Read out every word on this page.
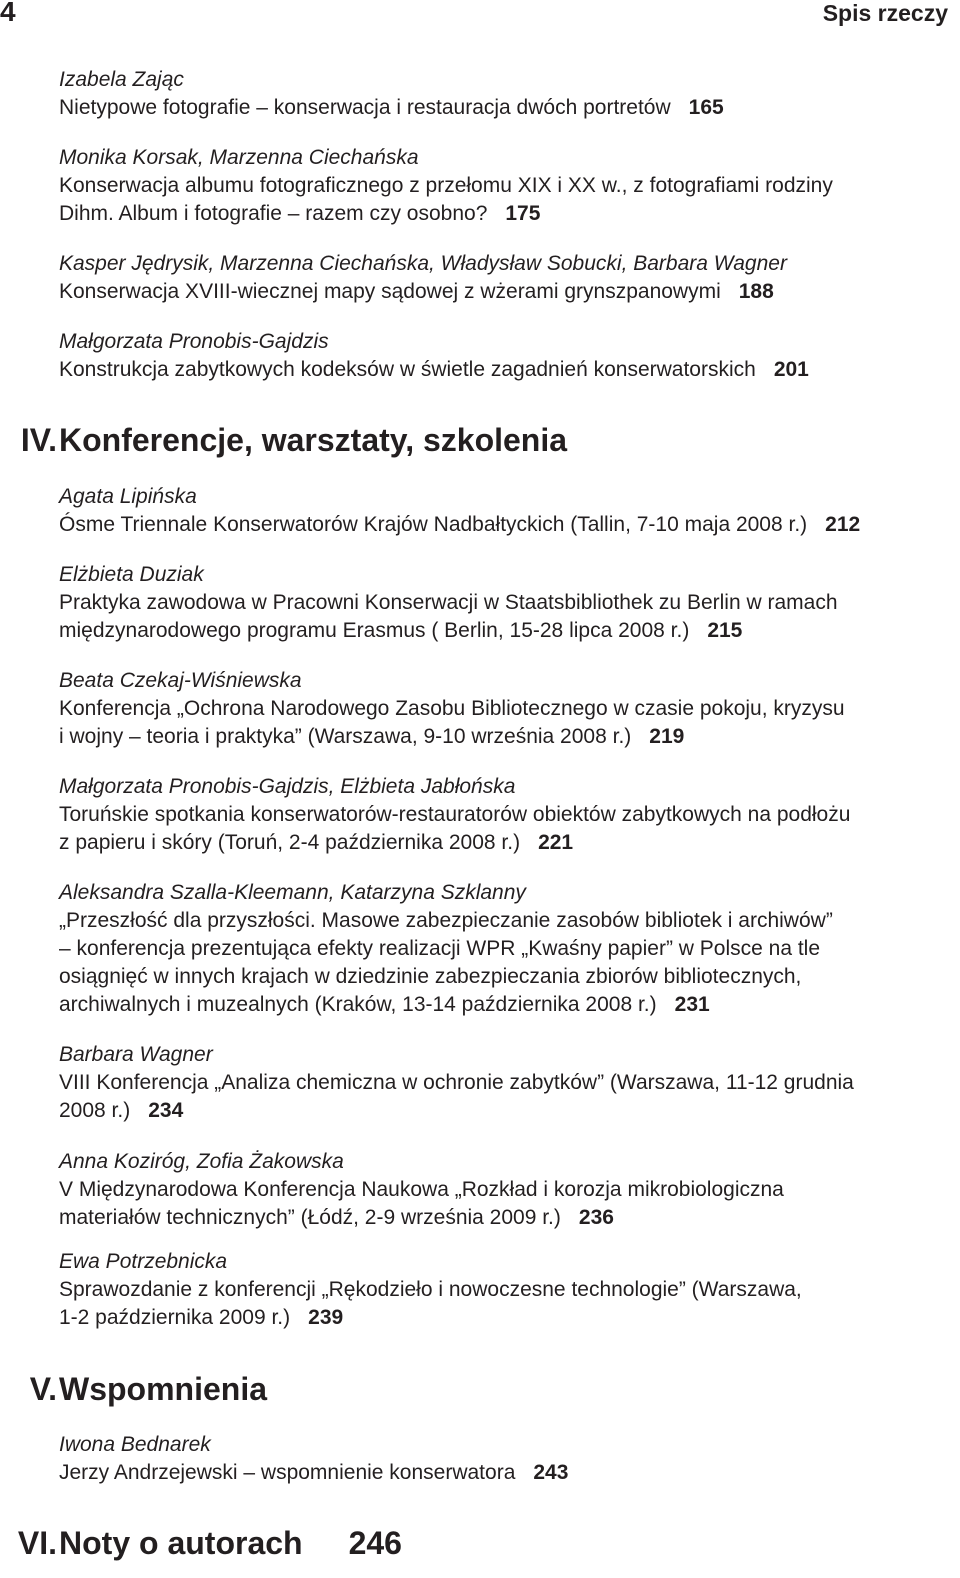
4	Spis rzeczy
Izabela Zając
Nietypowe fotografie – konserwacja i restauracja dwóch portretów 165
Monika Korsak, Marzenna Ciechańska
Konserwacja albumu fotograficznego z przełomu XIX i XX w., z fotografiami rodziny
Dihm. Album i fotografie – razem czy osobno? 175
Kasper Jędrysik, Marzenna Ciechańska, Władysław Sobucki, Barbara Wagner
Konserwacja XVIII-wiecznej mapy sądowej z wżerami grynszpanowymi 188
Małgorzata Pronobis-Gajdzis
Konstrukcja zabytkowych kodeksów w świetle zagadnień konserwatorskich 201
IV.Konferencje, warsztaty, szkolenia
Agata Lipińska
Ósme Triennale Konserwatorów Krajów Nadbałtyckich (Tallin, 7-10 maja 2008 r.) 212
Elżbieta Duziak
Praktyka zawodowa w Pracowni Konserwacji w Staatsbibliothek zu Berlin w ramach
międzynarodowego programu Erasmus ( Berlin, 15-28 lipca 2008 r.) 215
Beata Czekaj-Wiśniewska
Konferencja „Ochrona Narodowego Zasobu Bibliotecznego w czasie pokoju, kryzysu
i wojny – teoria i praktyka” (Warszawa, 9-10 września 2008 r.) 219
Małgorzata Pronobis-Gajdzis, Elżbieta Jabłońska
Toruńskie spotkania konserwatorów-restauratorów obiektów zabytkowych na podłożu
z papieru i skóry (Toruń, 2-4 października 2008 r.) 221
Aleksandra Szalla-Kleemann, Katarzyna Szklanny
„Przeszłość dla przyszłości. Masowe zabezpieczanie zasobów bibliotek i archiwów”
– konferencja prezentująca efekty realizacji WPR „Kwaśny papier” w Polsce na tle
osiągnięć w innych krajach w dziedzinie zabezpieczania zbiorów bibliotecznych,
archiwalnych i muzealnych (Kraków, 13-14 października 2008 r.) 231
Barbara Wagner
VIII Konferencja „Analiza chemiczna w ochronie zabytków” (Warszawa, 11-12 grudnia
2008 r.) 234
Anna Koziróg, Zofia Żakowska
V Międzynarodowa Konferencja Naukowa „Rozkład i korozja mikrobiologiczna
materiałów technicznych” (Łódź, 2-9 września 2009 r.) 236
Ewa Potrzebnicka
Sprawozdanie z konferencji „Rękodzieło i nowoczesne technologie” (Warszawa,
1-2 października 2009 r.) 239
V.Wspomnienia
Iwona Bednarek
Jerzy Andrzejewski – wspomnienie konserwatora 243
VI.Noty o autorach 246
